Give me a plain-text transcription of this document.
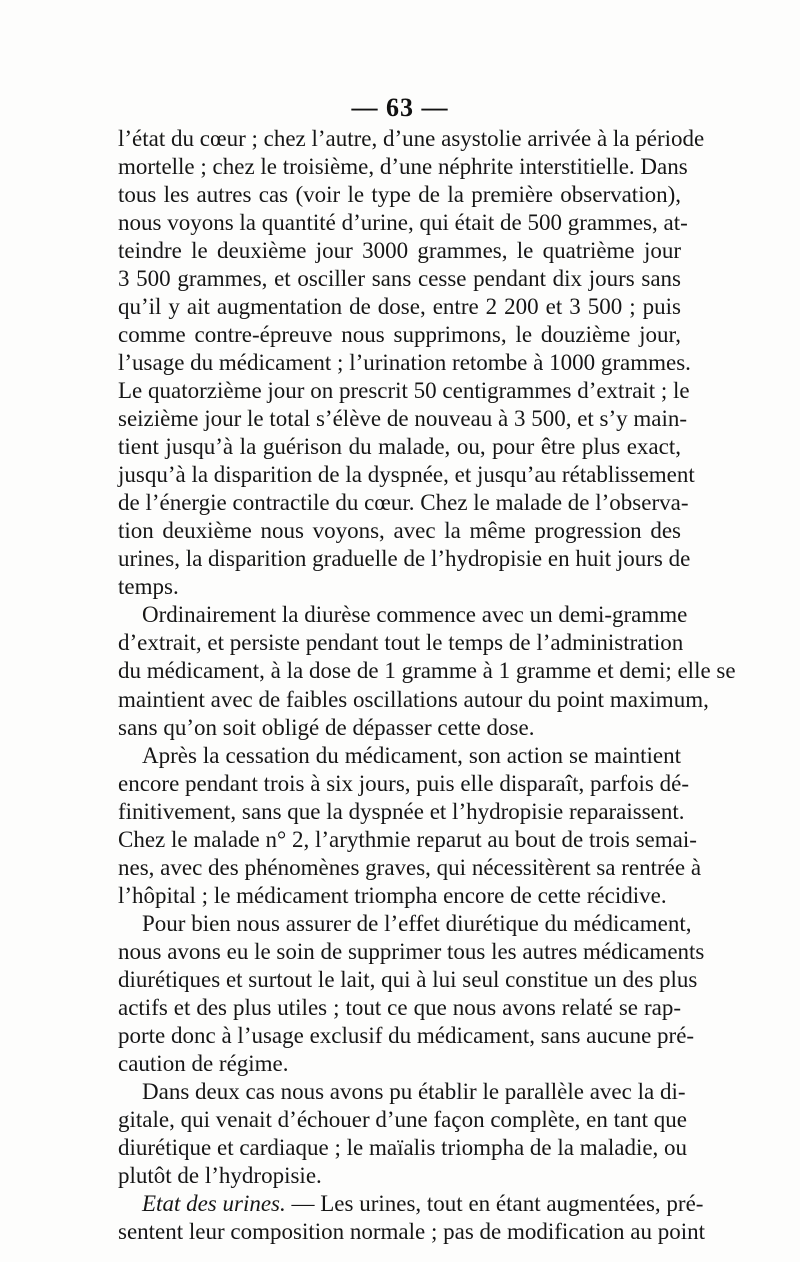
— 63 —
l’état du cœur ; chez l’autre, d’une asystolie arrivée à la période
mortelle ; chez le troisième, d’une néphrite interstitielle. Dans
tous les autres cas (voir le type de la première observation),
nous voyons la quantité d’urine, qui était de 500 grammes, at-
teindre le deuxième jour 3000 grammes, le quatrième jour
3 500 grammes, et osciller sans cesse pendant dix jours sans
qu’il y ait augmentation de dose, entre 2 200 et 3 500 ; puis
comme contre-épreuve nous supprimons, le douzième jour,
l’usage du médicament ; l’urination retombe à 1000 grammes.
Le quatorzième jour on prescrit 50 centigrammes d’extrait ; le
seizième jour le total s’élève de nouveau à 3 500, et s’y main-
tient jusqu’à la guérison du malade, ou, pour être plus exact,
jusqu’à la disparition de la dyspnée, et jusqu’au rétablissement
de l’énergie contractile du cœur. Chez le malade de l’observa-
tion deuxième nous voyons, avec la même progression des
urines, la disparition graduelle de l’hydropisie en huit jours de
temps.
Ordinairement la diurèse commence avec un demi-gramme
d’extrait, et persiste pendant tout le temps de l’administration
du médicament, à la dose de 1 gramme à 1 gramme et demi; elle se
maintient avec de faibles oscillations autour du point maximum,
sans qu’on soit obligé de dépasser cette dose.
Après la cessation du médicament, son action se maintient
encore pendant trois à six jours, puis elle disparaît, parfois dé-
finitivement, sans que la dyspnée et l’hydropisie reparaissent.
Chez le malade n° 2, l’arythmie reparut au bout de trois semai-
nes, avec des phénomènes graves, qui nécessitèrent sa rentrée à
l’hôpital ; le médicament triompha encore de cette récidive.
Pour bien nous assurer de l’effet diurétique du médicament,
nous avons eu le soin de supprimer tous les autres médicaments
diurétiques et surtout le lait, qui à lui seul constitue un des plus
actifs et des plus utiles ; tout ce que nous avons relaté se rap-
porte donc à l’usage exclusif du médicament, sans aucune pré-
caution de régime.
Dans deux cas nous avons pu établir le parallèle avec la di-
gitale, qui venait d’échouer d’une façon complète, en tant que
diurétique et cardiaque ; le maïalis triompha de la maladie, ou
plutôt de l’hydropisie.
Etat des urines. — Les urines, tout en étant augmentées, pré-
sentent leur composition normale ; pas de modification au point
